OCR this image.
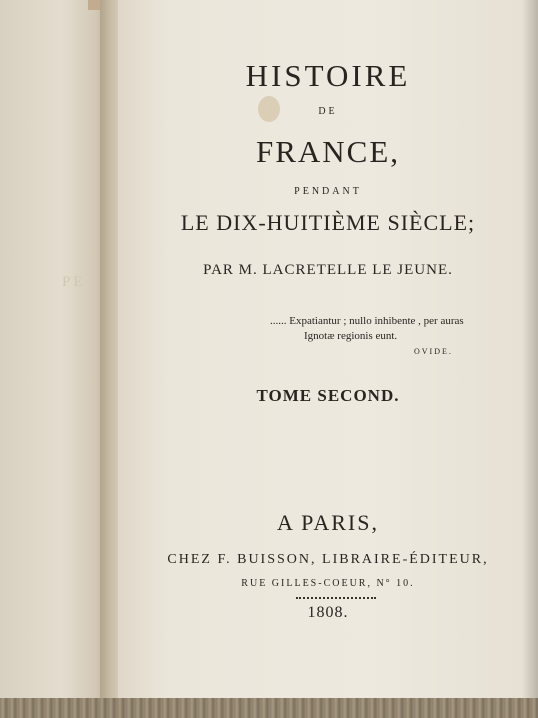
PE
HISTOIRE
DE
FRANCE,
PENDANT
LE DIX-HUITIÈME SIÈCLE;
PAR M. LACRETELLE LE JEUNE.
...... Expatiantur ; nullo inhibente , per auras
Ignotæ regionis eunt.
OVIDE.
TOME SECOND.
A PARIS,
CHEZ F. BUISSON, LIBRAIRE-ÉDITEUR,
RUE GILLES-COEUR, N° 10.
1808.
